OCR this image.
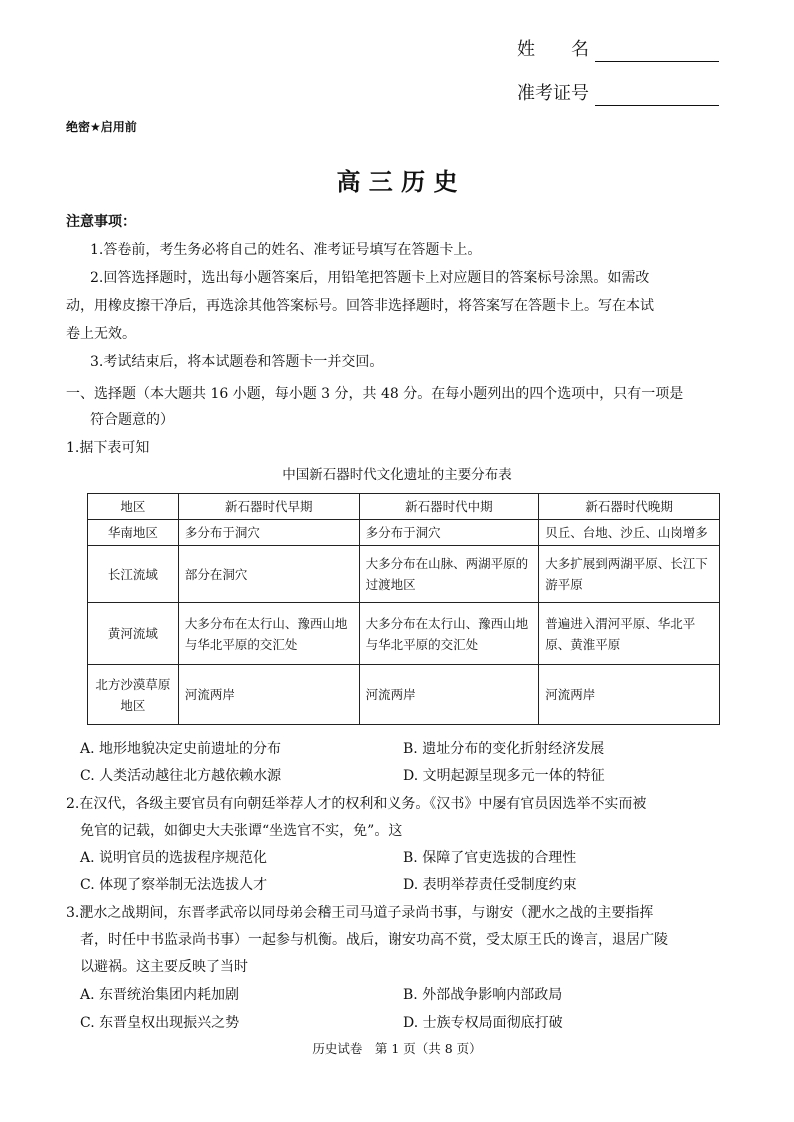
姓　　名
准考证号
绝密★启用前
高 三 历 史
注意事项：
1.答卷前，考生务必将自己的姓名、准考证号填写在答题卡上。
2.回答选择题时，选出每小题答案后，用铅笔把答题卡上对应题目的答案标号涂黑。如需改
动，用橡皮擦干净后，再选涂其他答案标号。回答非选择题时，将答案写在答题卡上。写在本试
卷上无效。
3.考试结束后，将本试题卷和答题卡一并交回。
一、选择题（本大题共 16 小题，每小题 3 分，共 48 分。在每小题列出的四个选项中，只有一项是
符合题意的）
1.据下表可知
中国新石器时代文化遗址的主要分布表
地区	新石器时代早期	新石器时代中期	新石器时代晚期
华南地区	多分布于洞穴	多分布于洞穴	贝丘、台地、沙丘、山岗增多
长江流域	部分在洞穴	大多分布在山脉、两湖平原的过渡地区	大多扩展到两湖平原、长江下游平原
黄河流域	大多分布在太行山、豫西山地与华北平原的交汇处	大多分布在太行山、豫西山地与华北平原的交汇处	普遍进入渭河平原、华北平原、黄淮平原
北方沙漠草原地区	河流两岸	河流两岸	河流两岸
A. 地形地貌决定史前遗址的分布	B. 遗址分布的变化折射经济发展
C. 人类活动越往北方越依赖水源	D. 文明起源呈现多元一体的特征
2.在汉代，各级主要官员有向朝廷举荐人才的权利和义务。《汉书》中屡有官员因选举不实而被
免官的记载，如御史大夫张谭“坐选官不实，免”。这
A. 说明官员的选拔程序规范化	B. 保障了官吏选拔的合理性
C. 体现了察举制无法选拔人才	D. 表明举荐责任受制度约束
3.淝水之战期间，东晋孝武帝以同母弟会稽王司马道子录尚书事，与谢安（淝水之战的主要指挥
者，时任中书监录尚书事）一起参与机衡。战后，谢安功高不赏，受太原王氏的谗言，退居广陵
以避祸。这主要反映了当时
A. 东晋统治集团内耗加剧	B. 外部战争影响内部政局
C. 东晋皇权出现振兴之势	D. 士族专权局面彻底打破
历史试卷　第 1 页（共 8 页）
